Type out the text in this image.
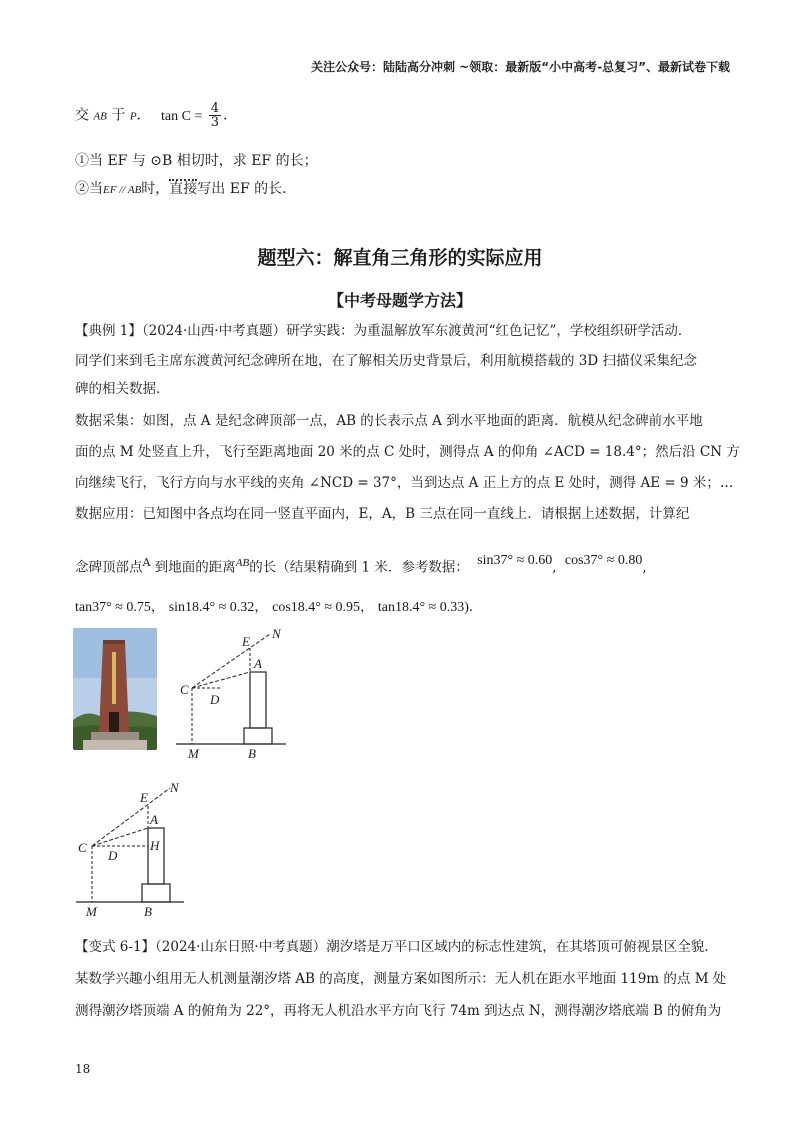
关注公众号：陆陆高分冲刺 ~领取：最新版“小中高考-总复习”、最新试卷下载
交 AB 于 P． $\tan C = \frac{4}{3}$ ．
①当 EF 与 ⊙B 相切时，求 EF 的长；
②当EF // AB时，直接写出 EF 的长．
题型六：解直角三角形的实际应用
【中考母题学方法】
【典例 1】（2024·山西·中考真题）研学实践：为重温解放军东渡黄河“红色记忆”，学校组织研学活动．
同学们来到毛主席东渡黄河纪念碑所在地，在了解相关历史背景后，利用航模搭载的 3D 扫描仪采集纪念
碑的相关数据．
数据采集：如图，点 A 是纪念碑顶部一点，AB 的长表示点 A 到水平地面的距离．航模从纪念碑前水平地
面的点 M 处竖直上升，飞行至距离地面 20 米的点 C 处时，测得点 A 的仰角 ∠ACD = 18.4°；然后沿 CN 方
向继续飞行，飞行方向与水平线的夹角 ∠NCD = 37°，当到达点 A 正上方的点 E 处时，测得 AE = 9 米；…
数据应用：已知图中各点均在同一竖直平面内，E，A，B 三点在同一直线上．请根据上述数据，计算纪
念碑顶部点$^A$ 到地面的距离$^{AB}$的长（结果精确到 1 米．参考数据： sin37° ≈ 0.60, cos37° ≈ 0.80,
tan37° ≈ 0.75， sin18.4° ≈ 0.32， cos18.4° ≈ 0.95， tan18.4° ≈ 0.33)．
E
N
A
C
D
M	B
E
N
A
C
D
H
M	B
【变式 6-1】（2024·山东日照·中考真题）潮汐塔是万平口区域内的标志性建筑，在其塔顶可俯视景区全貌．
某数学兴趣小组用无人机测量潮汐塔 AB 的高度，测量方案如图所示：无人机在距水平地面 119m 的点 M 处
测得潮汐塔顶端 A 的俯角为 22°，再将无人机沿水平方向飞行 74m 到达点 N，测得潮汐塔底端 B 的俯角为
18
